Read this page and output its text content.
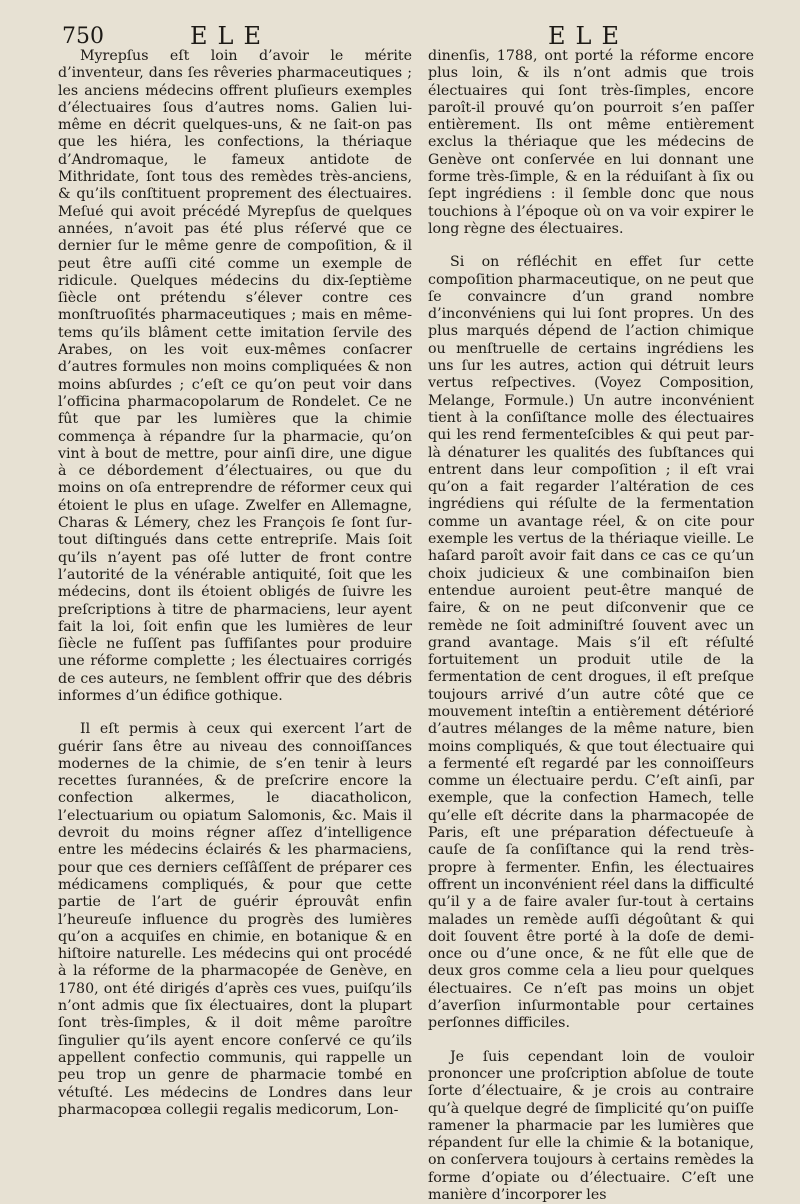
750	ELE	ELE

Myrepſus eſt loin d’avoir le mérite d’inventeur, dans ſes rêveries pharmaceutiques ; les anciens médecins offrent pluſieurs exemples d’électuaires ſous d’autres noms. Galien lui-même en décrit quelques-uns, & ne ſait-on pas que les hiéra, les confections, la thériaque d’Andromaque, le fameux antidote de Mithridate, ſont tous des remèdes très-anciens, & qu’ils conſtituent proprement des électuaires. Meſué qui avoit précédé Myrepſus de quelques années, n’avoit pas été plus réſervé que ce dernier ſur le même genre de compoſition, & il peut être auſſi cité comme un exemple de ridicule. Quelques médecins du dix-ſeptième ſiècle ont prétendu s’élever contre ces monſtruoſités pharmaceutiques ; mais en même-tems qu’ils blâment cette imitation ſervile des Arabes, on les voit eux-mêmes conſacrer d’autres formules non moins compliquées & non moins abſurdes ; c’eſt ce qu’on peut voir dans l’officina pharmacopolarum de Rondelet. Ce ne fût que par les lumières que la chimie commença à répandre ſur la pharmacie, qu’on vint à bout de mettre, pour ainſi dire, une digue à ce débordement d’électuaires, ou que du moins on oſa entreprendre de réformer ceux qui étoient le plus en uſage. Zwelfer en Allemagne, Charas & Lémery, chez les François ſe ſont ſur-tout diſtingués dans cette entrepriſe. Mais ſoit qu’ils n’ayent pas oſé lutter de front contre l’autorité de la vénérable antiquité, ſoit que les médecins, dont ils étoient obligés de ſuivre les preſcriptions à titre de pharmaciens, leur ayent fait la loi, ſoit enfin que les lumières de leur ſiècle ne fuſſent pas ſuffiſantes pour produire une réforme complette ; les électuaires corrigés de ces auteurs, ne ſemblent offrir que des débris informes d’un édifice gothique.

Il eſt permis à ceux qui exercent l’art de guérir ſans être au niveau des connoiſſances modernes de la chimie, de s’en tenir à leurs recettes ſurannées, & de preſcrire encore la confection alkermes, le diacatholicon, l’electuarium ou opiatum Salomonis, &c. Mais il devroit du moins régner aſſez d’intelligence entre les médecins éclairés & les pharmaciens, pour que ces derniers ceſſâſſent de préparer ces médicamens compliqués, & pour que cette partie de l’art de guérir éprouvât enfin l’heureuſe influence du progrès des lumières qu’on a acquiſes en chimie, en botanique & en hiſtoire naturelle. Les médecins qui ont procédé à la réforme de la pharmacopée de Genève, en 1780, ont été dirigés d’après ces vues, puiſqu’ils n’ont admis que ſix électuaires, dont la plupart ſont très-ſimples, & il doit même paroître ſingulier qu’ils ayent encore conſervé ce qu’ils appellent confectio communis, qui rappelle un peu trop un genre de pharmacie tombé en vétuſté. Les médecins de Londres dans leur pharmacopœa collegii regalis medicorum, Lon-

dinenſis, 1788, ont porté la réforme encore plus loin, & ils n’ont admis que trois électuaires qui ſont très-ſimples, encore paroît-il prouvé qu’on pourroit s’en paſſer entièrement. Ils ont même entièrement exclus la thériaque que les médecins de Genève ont conſervée en lui donnant une forme très-ſimple, & en la réduiſant à ſix ou ſept ingrédiens : il ſemble donc que nous touchions à l’époque où on va voir expirer le long règne des électuaires.

Si on réfléchit en effet ſur cette compoſition pharmaceutique, on ne peut que ſe convaincre d’un grand nombre d’inconvéniens qui lui ſont propres. Un des plus marqués dépend de l’action chimique ou menſtruelle de certains ingrédiens les uns ſur les autres, action qui détruit leurs vertus reſpectives. (Voyez Composition, Melange, Formule.) Un autre inconvénient tient à la conſiſtance molle des électuaires qui les rend fermenteſcibles & qui peut par-là dénaturer les qualités des ſubſtances qui entrent dans leur compoſition ; il eſt vrai qu’on a fait regarder l’altération de ces ingrédiens qui réſulte de la fermentation comme un avantage réel, & on cite pour exemple les vertus de la thériaque vieille. Le haſard paroît avoir fait dans ce cas ce qu’un choix judicieux & une combinaiſon bien entendue auroient peut-être manqué de faire, & on ne peut diſconvenir que ce remède ne ſoit adminiſtré ſouvent avec un grand avantage. Mais s’il eſt réſulté fortuitement un produit utile de la fermentation de cent drogues, il eſt preſque toujours arrivé d’un autre côté que ce mouvement inteſtin a entièrement détérioré d’autres mélanges de la même nature, bien moins compliqués, & que tout électuaire qui a fermenté eſt regardé par les connoiſſeurs comme un électuaire perdu. C’eſt ainſi, par exemple, que la confection Hamech, telle qu’elle eſt décrite dans la pharmacopée de Paris, eſt une préparation défectueuſe à cauſe de ſa conſiſtance qui la rend très-propre à fermenter. Enfin, les électuaires offrent un inconvénient réel dans la difficulté qu’il y a de faire avaler ſur-tout à certains malades un remède auſſi dégoûtant & qui doit ſouvent être porté à la doſe de demi-once ou d’une once, & ne fût elle que de deux gros comme cela a lieu pour quelques électuaires. Ce n’eſt pas moins un objet d’averſion inſurmontable pour certaines perſonnes difficiles.

Je ſuis cependant loin de vouloir prononcer une proſcription abſolue de toute ſorte d’électuaire, & je crois au contraire qu’à quelque degré de ſimplicité qu’on puiſſe ramener la pharmacie par les lumières que répandent ſur elle la chimie & la botanique, on conſervera toujours à certains remèdes la forme d’opiate ou d’électuaire. C’eſt une manière d’incorporer les
